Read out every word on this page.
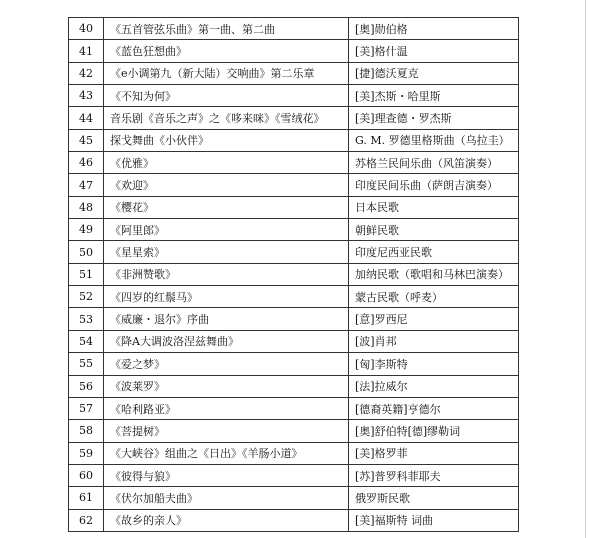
40	《五首管弦乐曲》第一曲、第二曲	[奥]勋伯格
41	《蓝色狂想曲》	[美]格什温
42	《e小调第九（新大陆）交响曲》第二乐章	[捷]德沃夏克
43	《不知为何》	[美]杰斯・哈里斯
44	音乐剧《音乐之声》之《哆来咪》《雪绒花》	[美]理查德・罗杰斯
45	探戈舞曲《小伙伴》	G. M. 罗德里格斯曲（乌拉圭）
46	《优雅》	苏格兰民间乐曲（风笛演奏）
47	《欢迎》	印度民间乐曲（萨朗吉演奏）
48	《樱花》	日本民歌
49	《阿里郎》	朝鲜民歌
50	《星星索》	印度尼西亚民歌
51	《非洲赞歌》	加纳民歌（歌唱和马林巴演奏）
52	《四岁的红鬃马》	蒙古民歌（呼麦）
53	《威廉・退尔》序曲	[意]罗西尼
54	《降A大调波洛涅兹舞曲》	[波]肖邦
55	《爱之梦》	[匈]李斯特
56	《波莱罗》	[法]拉威尔
57	《哈利路亚》	[德裔英籍]亨德尔
58	《菩提树》	[奥]舒伯特[德]缪勒词
59	《大峡谷》组曲之《日出》《羊肠小道》	[美]格罗菲
60	《彼得与狼》	[苏]普罗科菲耶夫
61	《伏尔加船夫曲》	俄罗斯民歌
62	《故乡的亲人》	[美]福斯特 词曲
